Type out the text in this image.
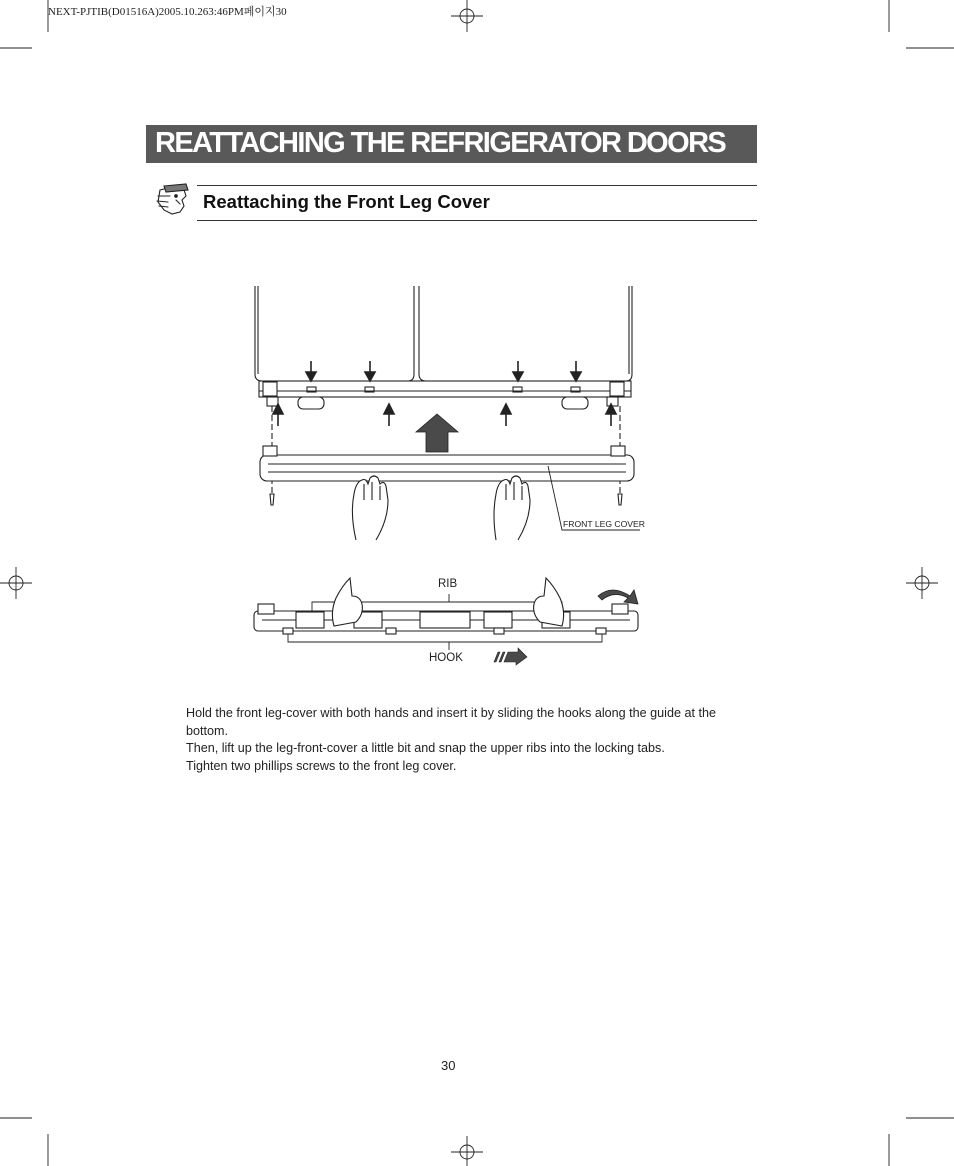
NEXT-PJTIB(D01516A)2005.10.263:46PM페이지30
REATTACHING THE REFRIGERATOR DOORS
Reattaching the Front Leg Cover
FRONT LEG COVER
RIB
HOOK

Hold the front leg-cover with both hands and insert it by sliding the hooks along the guide at the bottom.

Then, lift up the leg-front-cover a little bit and snap the upper ribs into the locking tabs.

Tighten two phillips screws to the front leg cover.

30
